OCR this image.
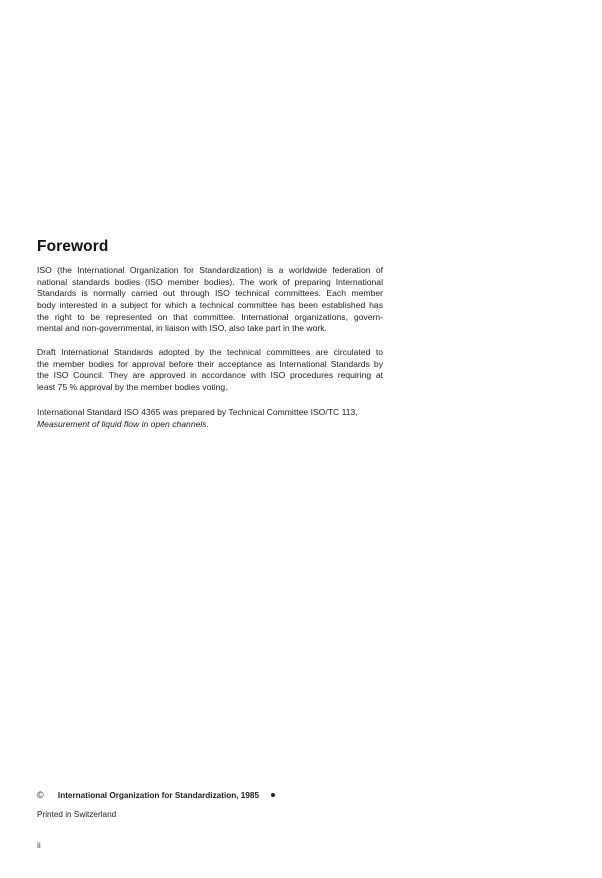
Foreword
ISO (the International Organization for Standardization) is a worldwide federation of
national standards bodies (ISO member bodies). The work of preparing International
Standards is normally carried out through ISO technical committees. Each member
body interested in a subject for which a technical committee has been established has
the right to be represented on that committee. International organizations, govern-
mental and non-governmental, in liaison with ISO, also take part in the work.
Draft International Standards adopted by the technical committees are circulated to
the member bodies for approval before their acceptance as International Standards by
the ISO Council. They are approved in accordance with ISO procedures requiring at
least 75 % approval by the member bodies voting.
International Standard ISO 4365 was prepared by Technical Committee ISO/TC 113,
Measurement of liquid flow in open channels.
© International Organization for Standardization, 1985
Printed in Switzerland
ii
